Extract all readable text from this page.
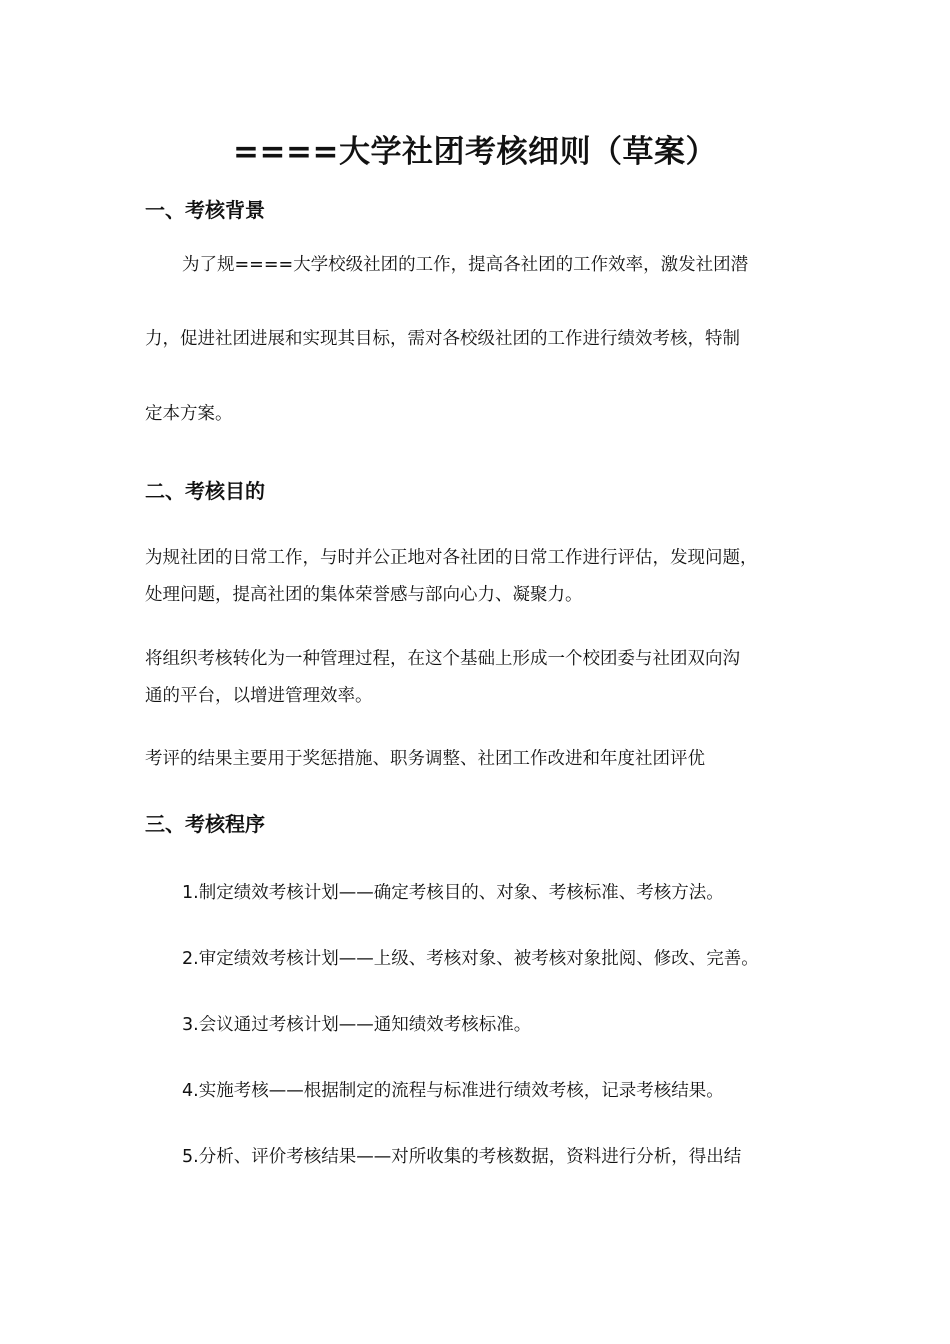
====大学社团考核细则（草案）
一、考核背景

为了规====大学校级社团的工作，提高各社团的工作效率，激发社团潜

力，促进社团进展和实现其目标，需对各校级社团的工作进行绩效考核，特制

定本方案。

二、考核目的

为规社团的日常工作，与时并公正地对各社团的日常工作进行评估，发现问题，

处理问题，提高社团的集体荣誉感与部向心力、凝聚力。

将组织考核转化为一种管理过程，在这个基础上形成一个校团委与社团双向沟

通的平台，以增进管理效率。

考评的结果主要用于奖惩措施、职务调整、社团工作改进和年度社团评优

三、考核程序

1.制定绩效考核计划——确定考核目的、对象、考核标准、考核方法。

2.审定绩效考核计划——上级、考核对象、被考核对象批阅、修改、完善。

3.会议通过考核计划——通知绩效考核标准。

4.实施考核——根据制定的流程与标准进行绩效考核，记录考核结果。

5.分析、评价考核结果——对所收集的考核数据，资料进行分析，得出结
